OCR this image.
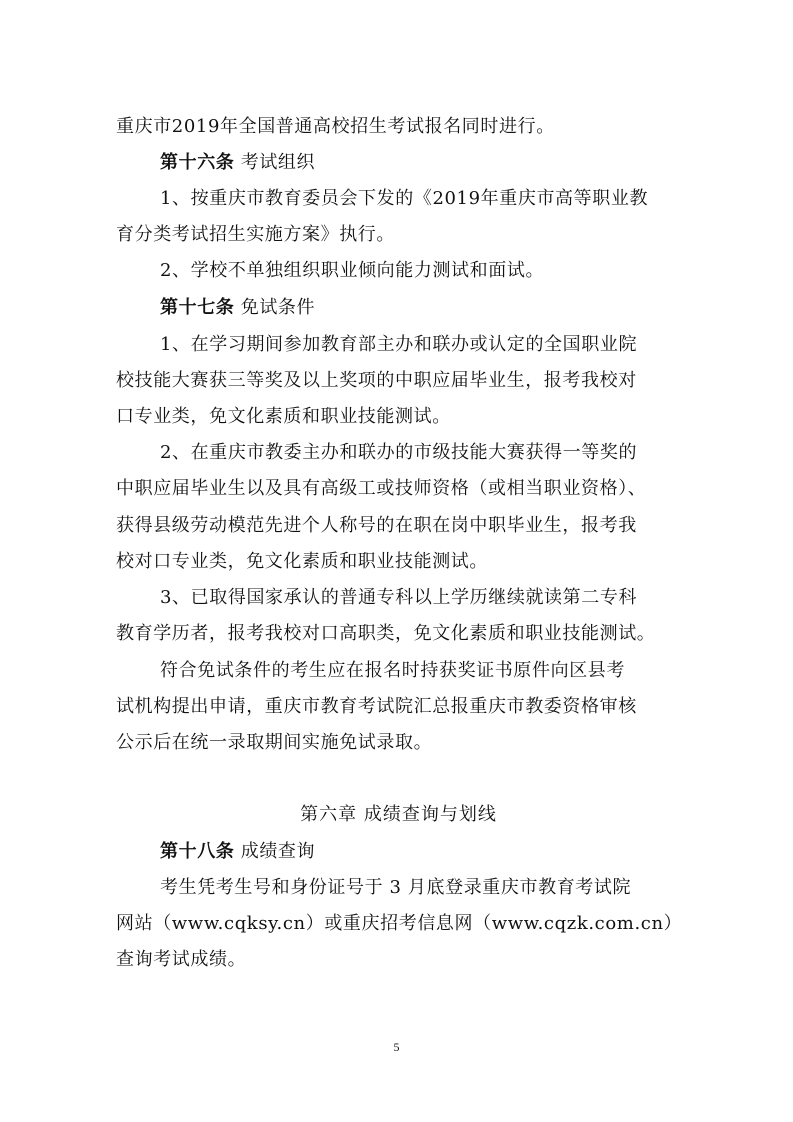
重庆市2019年全国普通高校招生考试报名同时进行。
第十六条 考试组织
1、按重庆市教育委员会下发的《2019年重庆市高等职业教
育分类考试招生实施方案》执行。
2、学校不单独组织职业倾向能力测试和面试。
第十七条 免试条件
1、在学习期间参加教育部主办和联办或认定的全国职业院
校技能大赛获三等奖及以上奖项的中职应届毕业生，报考我校对
口专业类，免文化素质和职业技能测试。
2、在重庆市教委主办和联办的市级技能大赛获得一等奖的
中职应届毕业生以及具有高级工或技师资格（或相当职业资格）、
获得县级劳动模范先进个人称号的在职在岗中职毕业生，报考我
校对口专业类，免文化素质和职业技能测试。
3、已取得国家承认的普通专科以上学历继续就读第二专科
教育学历者，报考我校对口高职类，免文化素质和职业技能测试。
符合免试条件的考生应在报名时持获奖证书原件向区县考
试机构提出申请，重庆市教育考试院汇总报重庆市教委资格审核
公示后在统一录取期间实施免试录取。
第六章 成绩查询与划线
第十八条 成绩查询
考生凭考生号和身份证号于 3 月底登录重庆市教育考试院
网站（www.cqksy.cn）或重庆招考信息网（www.cqzk.com.cn）
查询考试成绩。
5
